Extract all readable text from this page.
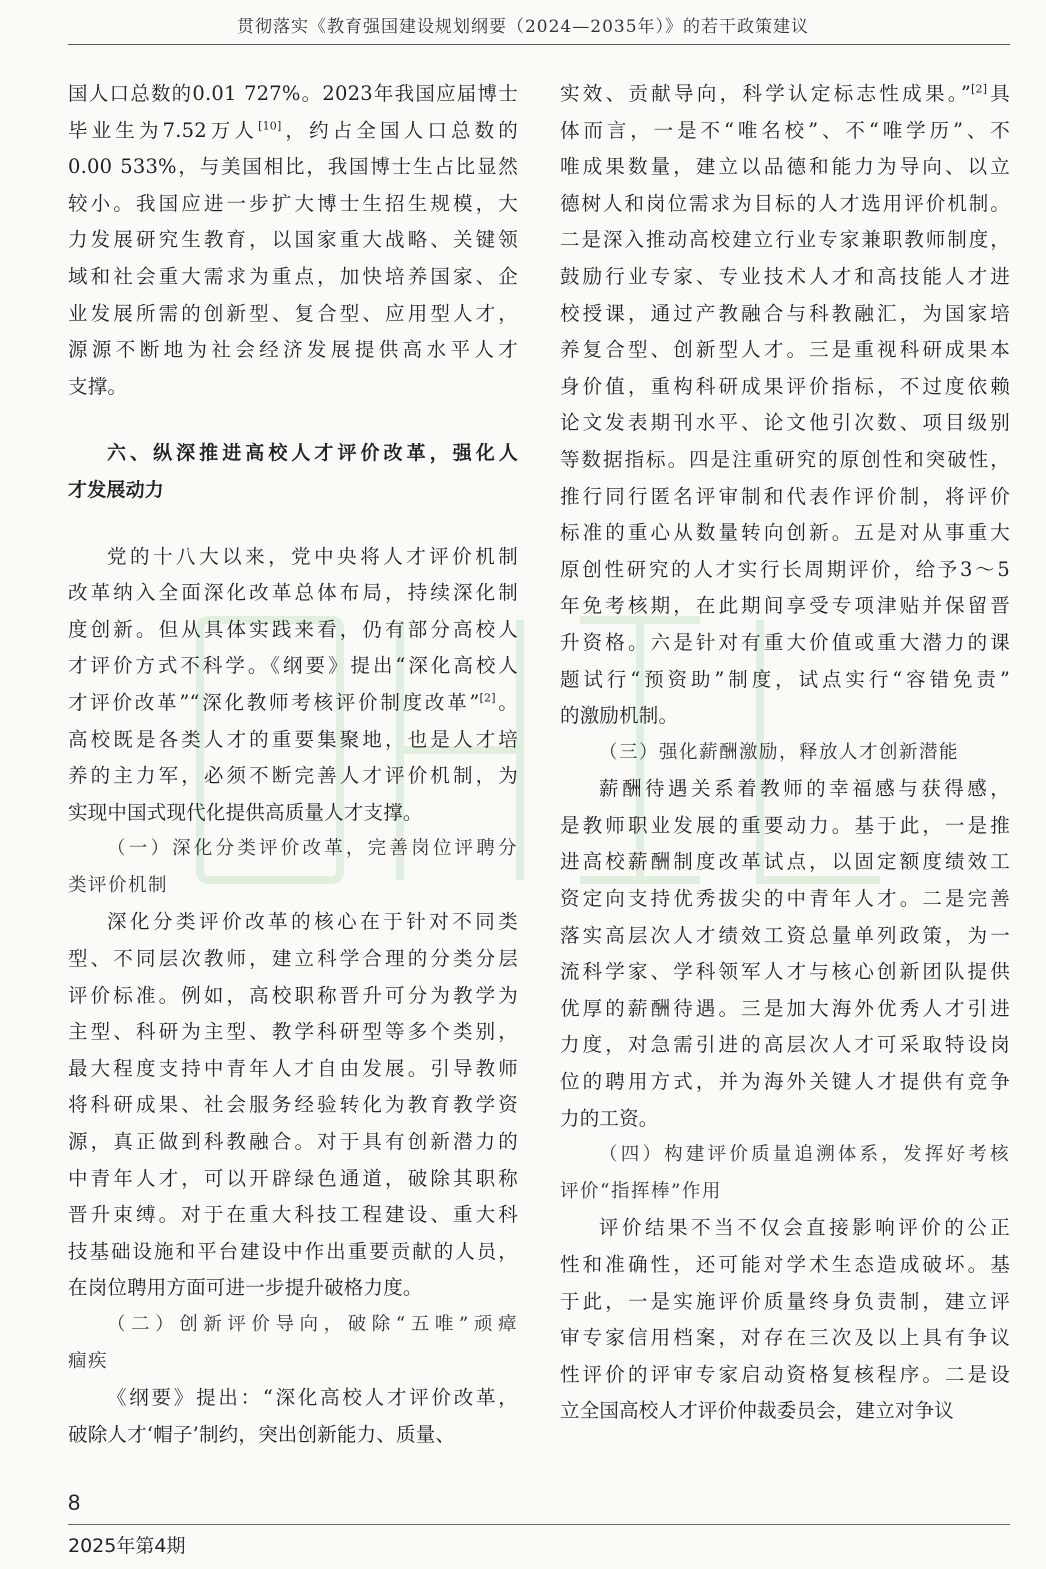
贯彻落实《教育强国建设规划纲要（2024—2035年）》的若干政策建议
国人口总数的0.01 727%。2023年我国应届博士
毕业生为7.52万人[10]，约占全国人口总数的
0.00 533%，与美国相比，我国博士生占比显然
较小。我国应进一步扩大博士生招生规模，大
力发展研究生教育，以国家重大战略、关键领
域和社会重大需求为重点，加快培养国家、企
业发展所需的创新型、复合型、应用型人才，
源源不断地为社会经济发展提供高水平人才
支撑。
六、纵深推进高校人才评价改革，强化人
才发展动力
党的十八大以来，党中央将人才评价机制
改革纳入全面深化改革总体布局，持续深化制
度创新。但从具体实践来看，仍有部分高校人
才评价方式不科学。《纲要》提出“深化高校人
才评价改革”“深化教师考核评价制度改革”[2]。
高校既是各类人才的重要集聚地，也是人才培
养的主力军，必须不断完善人才评价机制，为
实现中国式现代化提供高质量人才支撑。
（一）深化分类评价改革，完善岗位评聘分
类评价机制
深化分类评价改革的核心在于针对不同类
型、不同层次教师，建立科学合理的分类分层
评价标准。例如，高校职称晋升可分为教学为
主型、科研为主型、教学科研型等多个类别，
最大程度支持中青年人才自由发展。引导教师
将科研成果、社会服务经验转化为教育教学资
源，真正做到科教融合。对于具有创新潜力的
中青年人才，可以开辟绿色通道，破除其职称
晋升束缚。对于在重大科技工程建设、重大科
技基础设施和平台建设中作出重要贡献的人员，
在岗位聘用方面可进一步提升破格力度。
（二）创新评价导向，破除“五唯”顽瘴
痼疾
《纲要》提出：“深化高校人才评价改革，
破除人才‘帽子’制约，突出创新能力、质量、
实效、贡献导向，科学认定标志性成果。”[2]具
体而言，一是不“唯名校”、不“唯学历”、不
唯成果数量，建立以品德和能力为导向、以立
德树人和岗位需求为目标的人才选用评价机制。
二是深入推动高校建立行业专家兼职教师制度，
鼓励行业专家、专业技术人才和高技能人才进
校授课，通过产教融合与科教融汇，为国家培
养复合型、创新型人才。三是重视科研成果本
身价值，重构科研成果评价指标，不过度依赖
论文发表期刊水平、论文他引次数、项目级别
等数据指标。四是注重研究的原创性和突破性，
推行同行匿名评审制和代表作评价制，将评价
标准的重心从数量转向创新。五是对从事重大
原创性研究的人才实行长周期评价，给予3～5
年免考核期，在此期间享受专项津贴并保留晋
升资格。六是针对有重大价值或重大潜力的课
题试行“预资助”制度，试点实行“容错免责”
的激励机制。
（三）强化薪酬激励，释放人才创新潜能
薪酬待遇关系着教师的幸福感与获得感，
是教师职业发展的重要动力。基于此，一是推
进高校薪酬制度改革试点，以固定额度绩效工
资定向支持优秀拔尖的中青年人才。二是完善
落实高层次人才绩效工资总量单列政策，为一
流科学家、学科领军人才与核心创新团队提供
优厚的薪酬待遇。三是加大海外优秀人才引进
力度，对急需引进的高层次人才可采取特设岗
位的聘用方式，并为海外关键人才提供有竞争
力的工资。
（四）构建评价质量追溯体系，发挥好考核
评价“指挥棒”作用
评价结果不当不仅会直接影响评价的公正
性和准确性，还可能对学术生态造成破坏。基
于此，一是实施评价质量终身负责制，建立评
审专家信用档案，对存在三次及以上具有争议
性评价的评审专家启动资格复核程序。二是设
立全国高校人才评价仲裁委员会，建立对争议
8
2025年第4期
